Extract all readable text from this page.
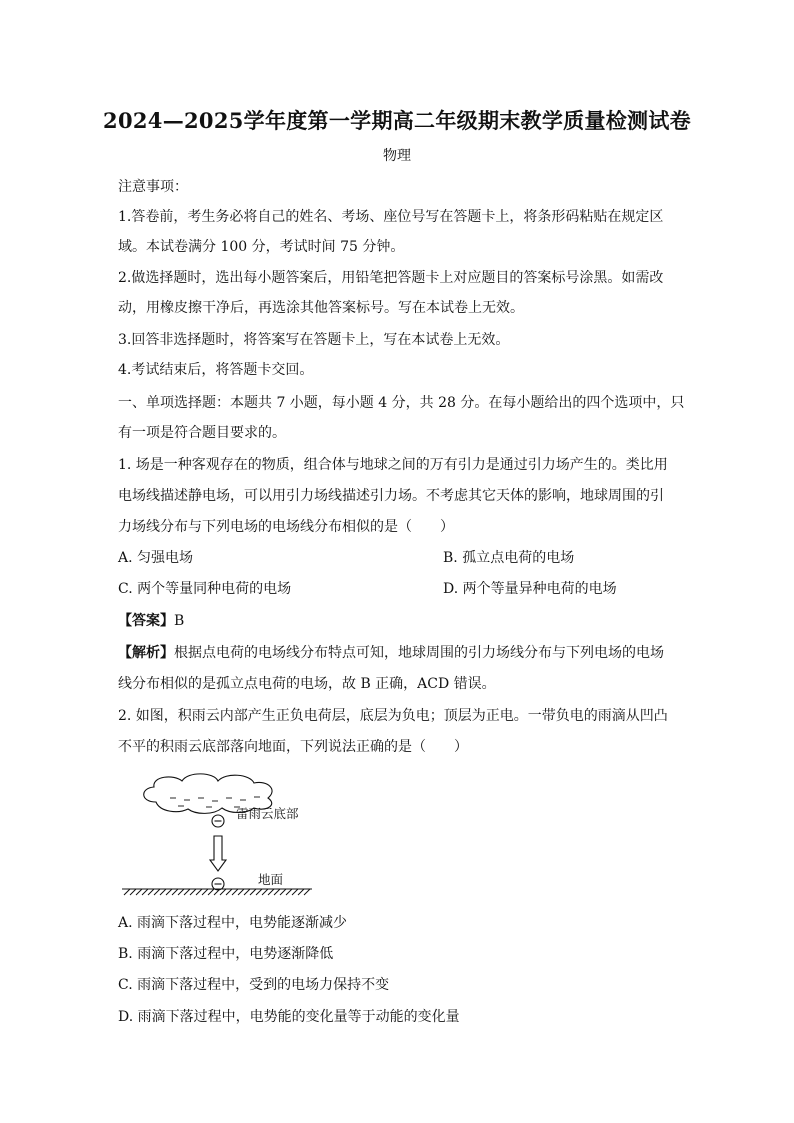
2024—2025学年度第一学期高二年级期末教学质量检测试卷
物理
注意事项：
1.答卷前，考生务必将自己的姓名、考场、座位号写在答题卡上，将条形码粘贴在规定区
域。本试卷满分 100 分，考试时间 75 分钟。
2.做选择题时，选出每小题答案后，用铅笔把答题卡上对应题目的答案标号涂黑。如需改
动，用橡皮擦干净后，再选涂其他答案标号。写在本试卷上无效。
3.回答非选择题时，将答案写在答题卡上，写在本试卷上无效。
4.考试结束后，将答题卡交回。
一、单项选择题：本题共 7 小题，每小题 4 分，共 28 分。在每小题给出的四个选项中，只
有一项是符合题目要求的。
1. 场是一种客观存在的物质，组合体与地球之间的万有引力是通过引力场产生的。类比用
电场线描述静电场，可以用引力场线描述引力场。不考虑其它天体的影响，地球周围的引
力场线分布与下列电场的电场线分布相似的是（　　）
A. 匀强电场	B. 孤立点电荷的电场
C. 两个等量同种电荷的电场	D. 两个等量异种电荷的电场
【答案】B
【解析】根据点电荷的电场线分布特点可知，地球周围的引力场线分布与下列电场的电场
线分布相似的是孤立点电荷的电场，故 B 正确，ACD 错误。
2. 如图，积雨云内部产生正负电荷层，底层为负电；顶层为正电。一带负电的雨滴从凹凸
不平的积雨云底部落向地面，下列说法正确的是（　　）
雷雨云底部
地面
A. 雨滴下落过程中，电势能逐渐减少
B. 雨滴下落过程中，电势逐渐降低
C. 雨滴下落过程中，受到的电场力保持不变
D. 雨滴下落过程中，电势能的变化量等于动能的变化量
